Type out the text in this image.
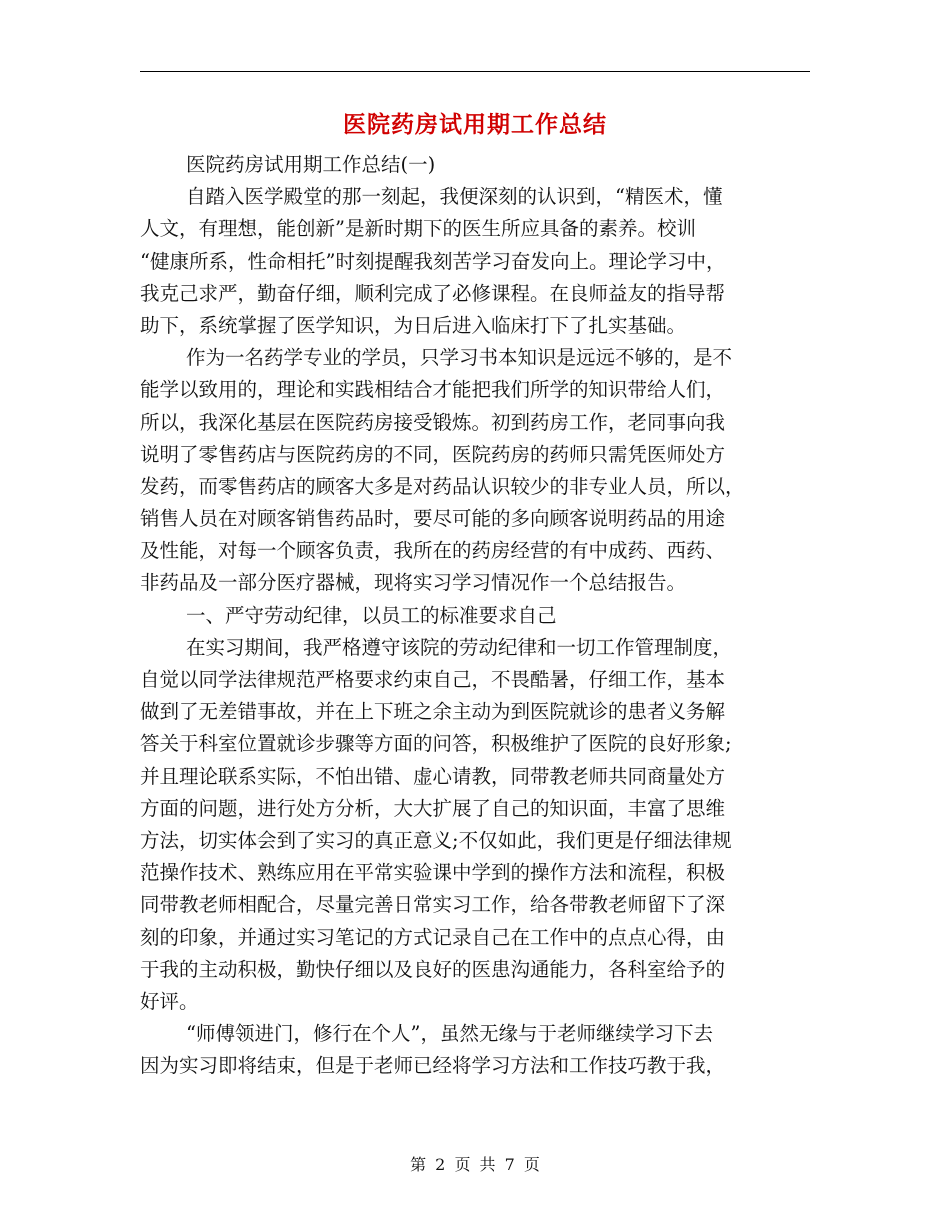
医院药房试用期工作总结
医院药房试用期工作总结(一)
自踏入医学殿堂的那一刻起，我便深刻的认识到，“精医术，懂
人文，有理想，能创新”是新时期下的医生所应具备的素养。校训
“健康所系，性命相托”时刻提醒我刻苦学习奋发向上。理论学习中，
我克己求严，勤奋仔细，顺利完成了必修课程。在良师益友的指导帮
助下，系统掌握了医学知识，为日后进入临床打下了扎实基础。
作为一名药学专业的学员，只学习书本知识是远远不够的，是不
能学以致用的，理论和实践相结合才能把我们所学的知识带给人们，
所以，我深化基层在医院药房接受锻炼。初到药房工作，老同事向我
说明了零售药店与医院药房的不同，医院药房的药师只需凭医师处方
发药，而零售药店的顾客大多是对药品认识较少的非专业人员，所以，
销售人员在对顾客销售药品时，要尽可能的多向顾客说明药品的用途
及性能，对每一个顾客负责，我所在的药房经营的有中成药、西药、
非药品及一部分医疗器械，现将实习学习情况作一个总结报告。
一、严守劳动纪律，以员工的标准要求自己
在实习期间，我严格遵守该院的劳动纪律和一切工作管理制度，
自觉以同学法律规范严格要求约束自己，不畏酷暑，仔细工作，基本
做到了无差错事故，并在上下班之余主动为到医院就诊的患者义务解
答关于科室位置就诊步骤等方面的问答，积极维护了医院的良好形象;
并且理论联系实际，不怕出错、虚心请教，同带教老师共同商量处方
方面的问题，进行处方分析，大大扩展了自己的知识面，丰富了思维
方法，切实体会到了实习的真正意义;不仅如此，我们更是仔细法律规
范操作技术、熟练应用在平常实验课中学到的操作方法和流程，积极
同带教老师相配合，尽量完善日常实习工作，给各带教老师留下了深
刻的印象，并通过实习笔记的方式记录自己在工作中的点点心得，由
于我的主动积极，勤快仔细以及良好的医患沟通能力，各科室给予的
好评。
“师傅领进门，修行在个人”，虽然无缘与于老师继续学习下去
因为实习即将结束，但是于老师已经将学习方法和工作技巧教于我，
第 2 页 共 7 页
